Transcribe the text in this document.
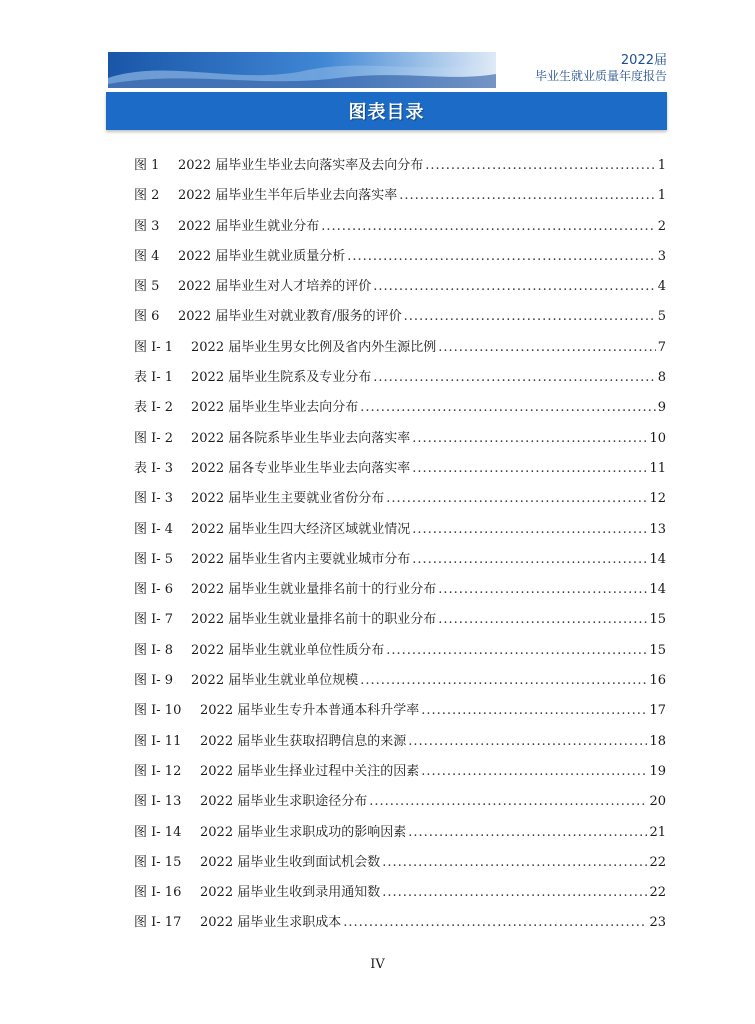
2022届
毕业生就业质量年度报告
图表目录
图 1	2022 届毕业生毕业去向落实率及去向分布 .....	1
图 2	2022 届毕业生半年后毕业去向落实率 .....	1
图 3	2022 届毕业生就业分布 .....	2
图 4	2022 届毕业生就业质量分析 .....	3
图 5	2022 届毕业生对人才培养的评价 .....	4
图 6	2022 届毕业生对就业教育/服务的评价 .....	5
图 I- 1	2022 届毕业生男女比例及省内外生源比例 .....	7
表 I- 1	2022 届毕业生院系及专业分布 .....	8
表 I- 2	2022 届毕业生毕业去向分布 .....	9
图 I- 2	2022 届各院系毕业生毕业去向落实率 .....	10
表 I- 3	2022 届各专业毕业生毕业去向落实率 .....	11
图 I- 3	2022 届毕业生主要就业省份分布 .....	12
图 I- 4	2022 届毕业生四大经济区域就业情况 .....	13
图 I- 5	2022 届毕业生省内主要就业城市分布 .....	14
图 I- 6	2022 届毕业生就业量排名前十的行业分布 .....	14
图 I- 7	2022 届毕业生就业量排名前十的职业分布 .....	15
图 I- 8	2022 届毕业生就业单位性质分布 .....	15
图 I- 9	2022 届毕业生就业单位规模 .....	16
图 I- 10	2022 届毕业生专升本普通本科升学率 .....	17
图 I- 11	2022 届毕业生获取招聘信息的来源 .....	18
图 I- 12	2022 届毕业生择业过程中关注的因素 .....	19
图 I- 13	2022 届毕业生求职途径分布 .....	20
图 I- 14	2022 届毕业生求职成功的影响因素 .....	21
图 I- 15	2022 届毕业生收到面试机会数 .....	22
图 I- 16	2022 届毕业生收到录用通知数 .....	22
图 I- 17	2022 届毕业生求职成本 .....	23
IV
